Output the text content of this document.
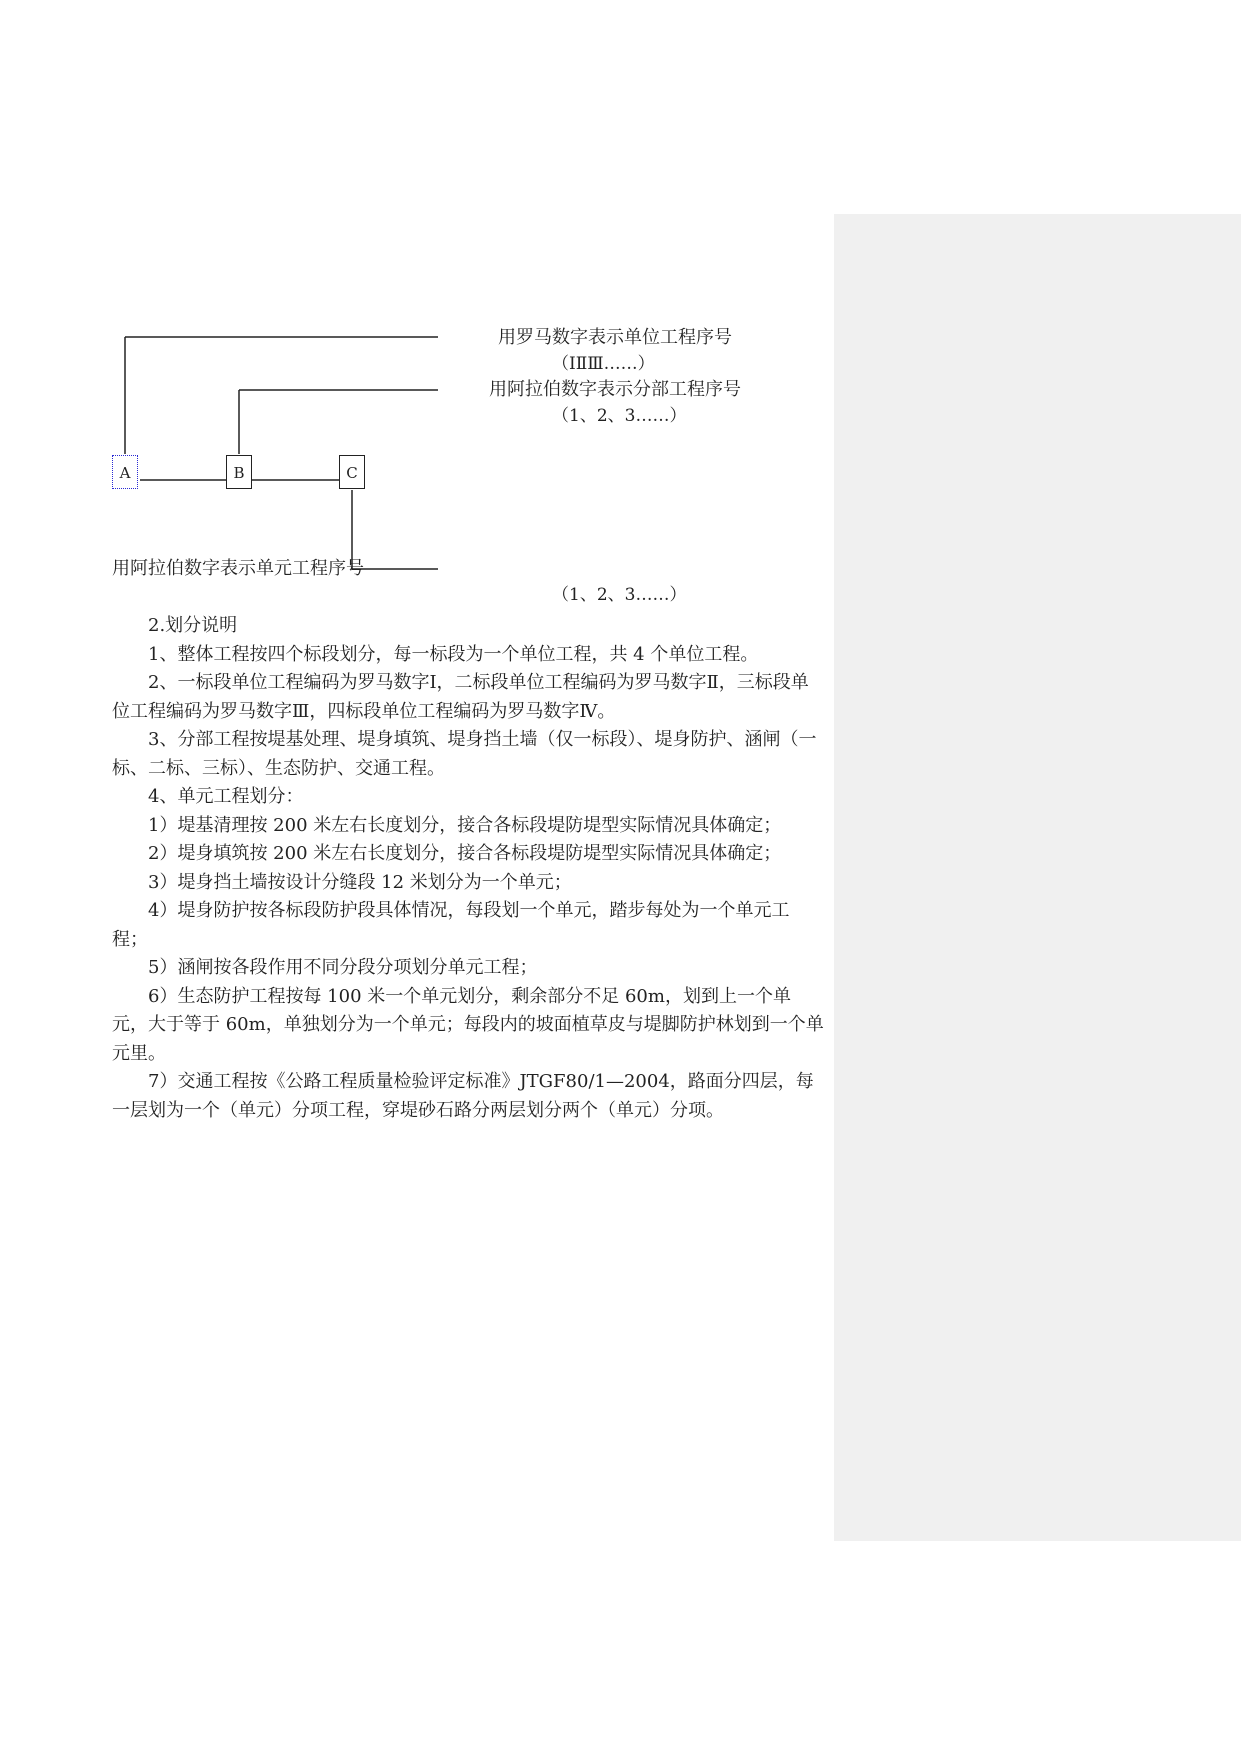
A	B	C
用罗马数字表示单位工程序号
（ⅠⅡⅢ……）
用阿拉伯数字表示分部工程序号
（1、2、3……）
用阿拉伯数字表示单元工程序号
（1、2、3……）

2.划分说明

1、整体工程按四个标段划分，每一标段为一个单位工程，共 4 个单位工程。

2、一标段单位工程编码为罗马数字Ⅰ，二标段单位工程编码为罗马数字Ⅱ，三标段单位工程编码为罗马数字Ⅲ，四标段单位工程编码为罗马数字Ⅳ。

3、分部工程按堤基处理、堤身填筑、堤身挡土墙（仅一标段）、堤身防护、涵闸（一标、二标、三标）、生态防护、交通工程。

4、单元工程划分：

1）堤基清理按 200 米左右长度划分，接合各标段堤防堤型实际情况具体确定；

2）堤身填筑按 200 米左右长度划分，接合各标段堤防堤型实际情况具体确定；

3）堤身挡土墙按设计分缝段 12 米划分为一个单元；

4）堤身防护按各标段防护段具体情况，每段划一个单元，踏步每处为一个单元工程；

5）涵闸按各段作用不同分段分项划分单元工程；

6）生态防护工程按每 100 米一个单元划分，剩余部分不足 60m，划到上一个单元，大于等于 60m，单独划分为一个单元；每段内的坡面植草皮与堤脚防护林划到一个单元里。

7）交通工程按《公路工程质量检验评定标准》JTGF80/1—2004，路面分四层，每一层划为一个（单元）分项工程，穿堤砂石路分两层划分两个（单元）分项。
